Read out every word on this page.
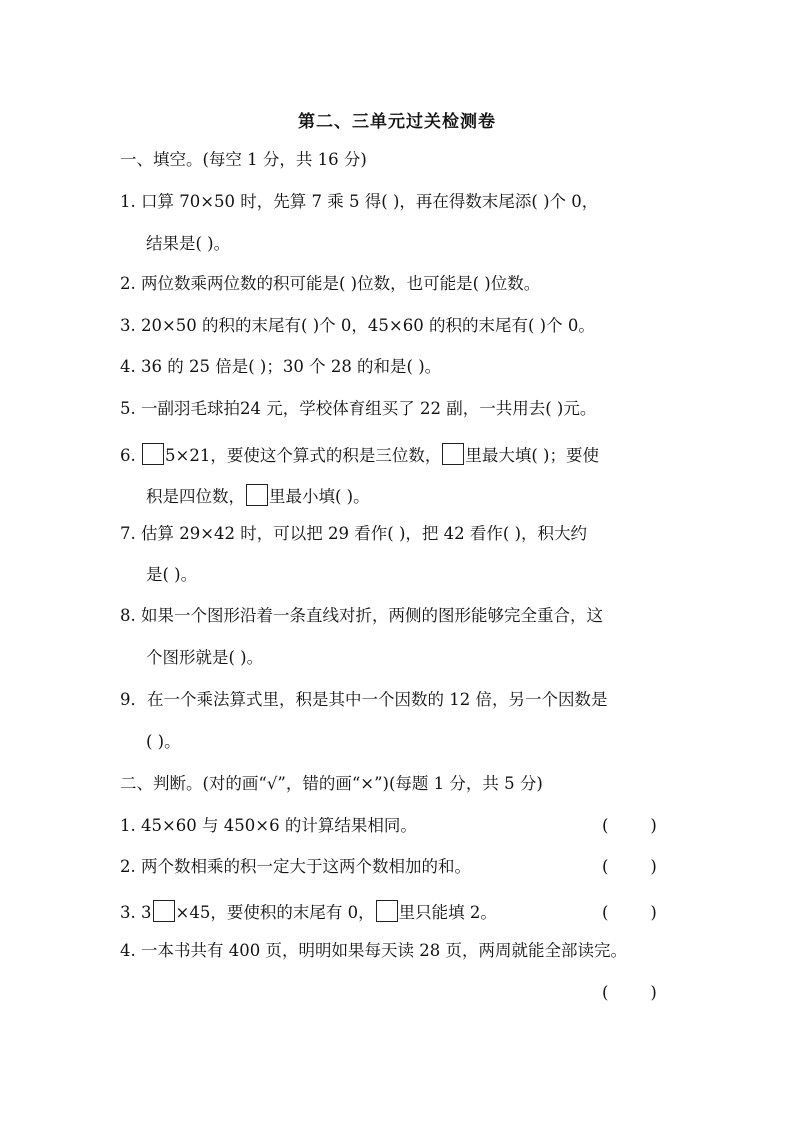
第二、三单元过关检测卷
一、填空。(每空 1 分，共 16 分)
1. 口算 70×50 时，先算 7 乘 5 得( )，再在得数末尾添( )个 0，
结果是( )。
2. 两位数乘两位数的积可能是( )位数，也可能是( )位数。
3. 20×50 的积的末尾有( )个 0，45×60 的积的末尾有( )个 0。
4. 36 的 25 倍是( )；30 个 28 的和是( )。
5. 一副羽毛球拍24 元，学校体育组买了 22 副，一共用去( )元。
6. 5×21，要使这个算式的积是三位数， 里最大填( )；要使
积是四位数， 里最小填( )。
7. 估算 29×42 时，可以把 29 看作( )，把 42 看作( )，积大约
是( )。
8. 如果一个图形沿着一条直线对折，两侧的图形能够完全重合，这
个图形就是( )。
9．在一个乘法算式里，积是其中一个因数的 12 倍，另一个因数是
( )。
二、判断。(对的画“√”，错的画“×”)(每题 1 分，共 5 分)
1. 45×60 与 450×6 的计算结果相同。	(        )
2. 两个数相乘的积一定大于这两个数相加的和。	(        )
3. 3 ×45，要使积的末尾有 0， 里只能填 2。	(        )
4. 一本书共有 400 页，明明如果每天读 28 页，两周就能全部读完。
(        )
